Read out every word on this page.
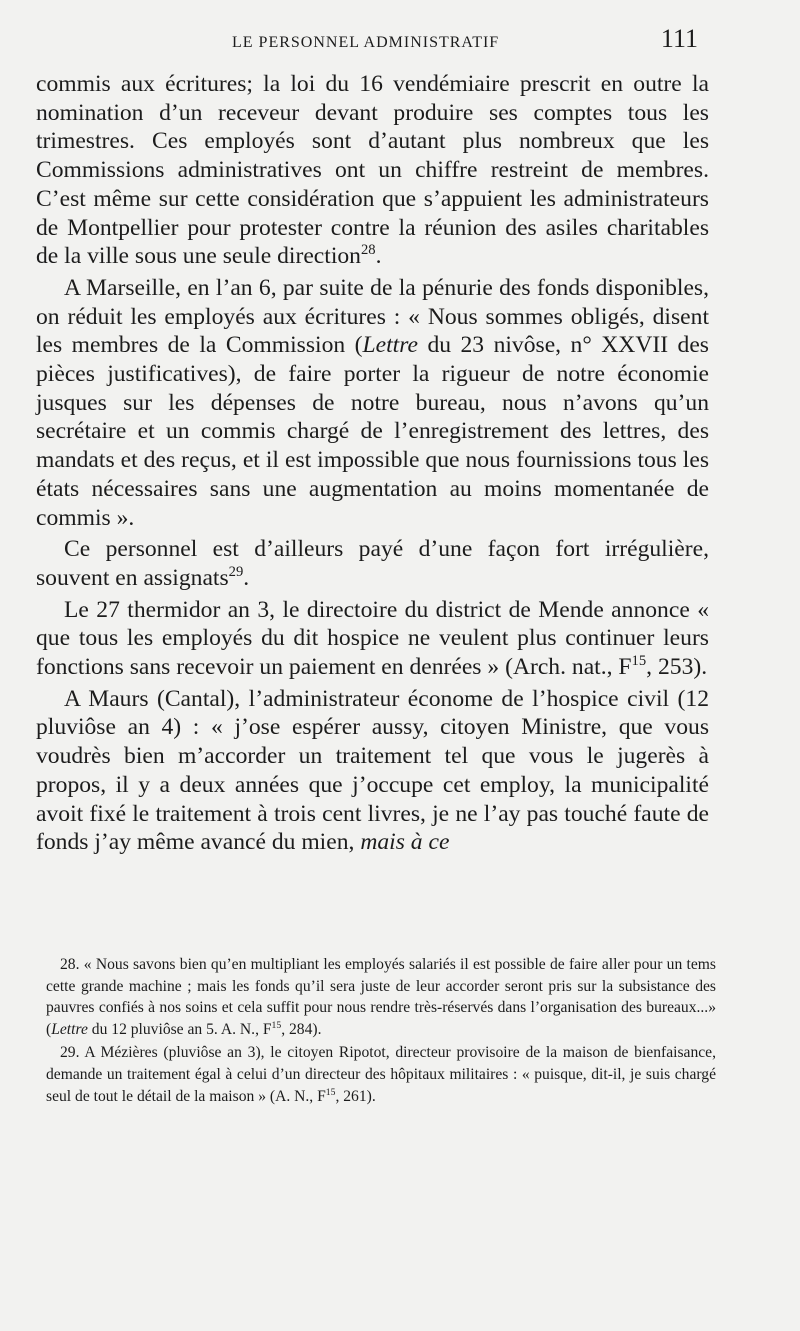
LE PERSONNEL ADMINISTRATIF	111

commis aux écritures; la loi du 16 vendémiaire prescrit en outre la nomination d’un receveur devant produire ses comptes tous les trimestres. Ces employés sont d’autant plus nombreux que les Commissions administratives ont un chiffre restreint de membres. C’est même sur cette considération que s’appuient les administrateurs de Montpellier pour protester contre la réunion des asiles charitables de la ville sous une seule direction$^{28}$.

A Marseille, en l’an 6, par suite de la pénurie des fonds disponibles, on réduit les employés aux écritures : « Nous sommes obligés, disent les membres de la Commission (Lettre du 23 nivôse, n° XXVII des pièces justificatives), de faire porter la rigueur de notre économie jusques sur les dépenses de notre bureau, nous n’avons qu’un secrétaire et un commis chargé de l’enregistrement des lettres, des mandats et des reçus, et il est impossible que nous fournissions tous les états nécessaires sans une augmentation au moins momentanée de commis ».

Ce personnel est d’ailleurs payé d’une façon fort irrégulière, souvent en assignats$^{29}$.

Le 27 thermidor an 3, le directoire du district de Mende annonce « que tous les employés du dit hospice ne veulent plus continuer leurs fonctions sans recevoir un paiement en denrées » (Arch. nat., $F^{15}$, 253).

A Maurs (Cantal), l’administrateur économe de l’hospice civil (12 pluviôse an 4) : « j’ose espérer aussy, citoyen Ministre, que vous voudrès bien m’accorder un traitement tel que vous le jugerès à propos, il y a deux années que j’occupe cet employ, la municipalité avoit fixé le traitement à trois cent livres, je ne l’ay pas touché faute de fonds j’ay même avancé du mien, mais à ce

28. « Nous savons bien qu’en multipliant les employés salariés il est possible de faire aller pour un tems cette grande machine ; mais les fonds qu’il sera juste de leur accorder seront pris sur la subsistance des pauvres confiés à nos soins et cela suffit pour nous rendre très-réservés dans l’organisation des bureaux...» (Lettre du 12 pluviôse an 5. A. N., $F^{15}$, 284).

29. A Mézières (pluviôse an 3), le citoyen Ripotot, directeur provisoire de la maison de bienfaisance, demande un traitement égal à celui d’un directeur des hôpitaux militaires : « puisque, dit-il, je suis chargé seul de tout le détail de la maison » (A. N., $F^{15}$, 261).
